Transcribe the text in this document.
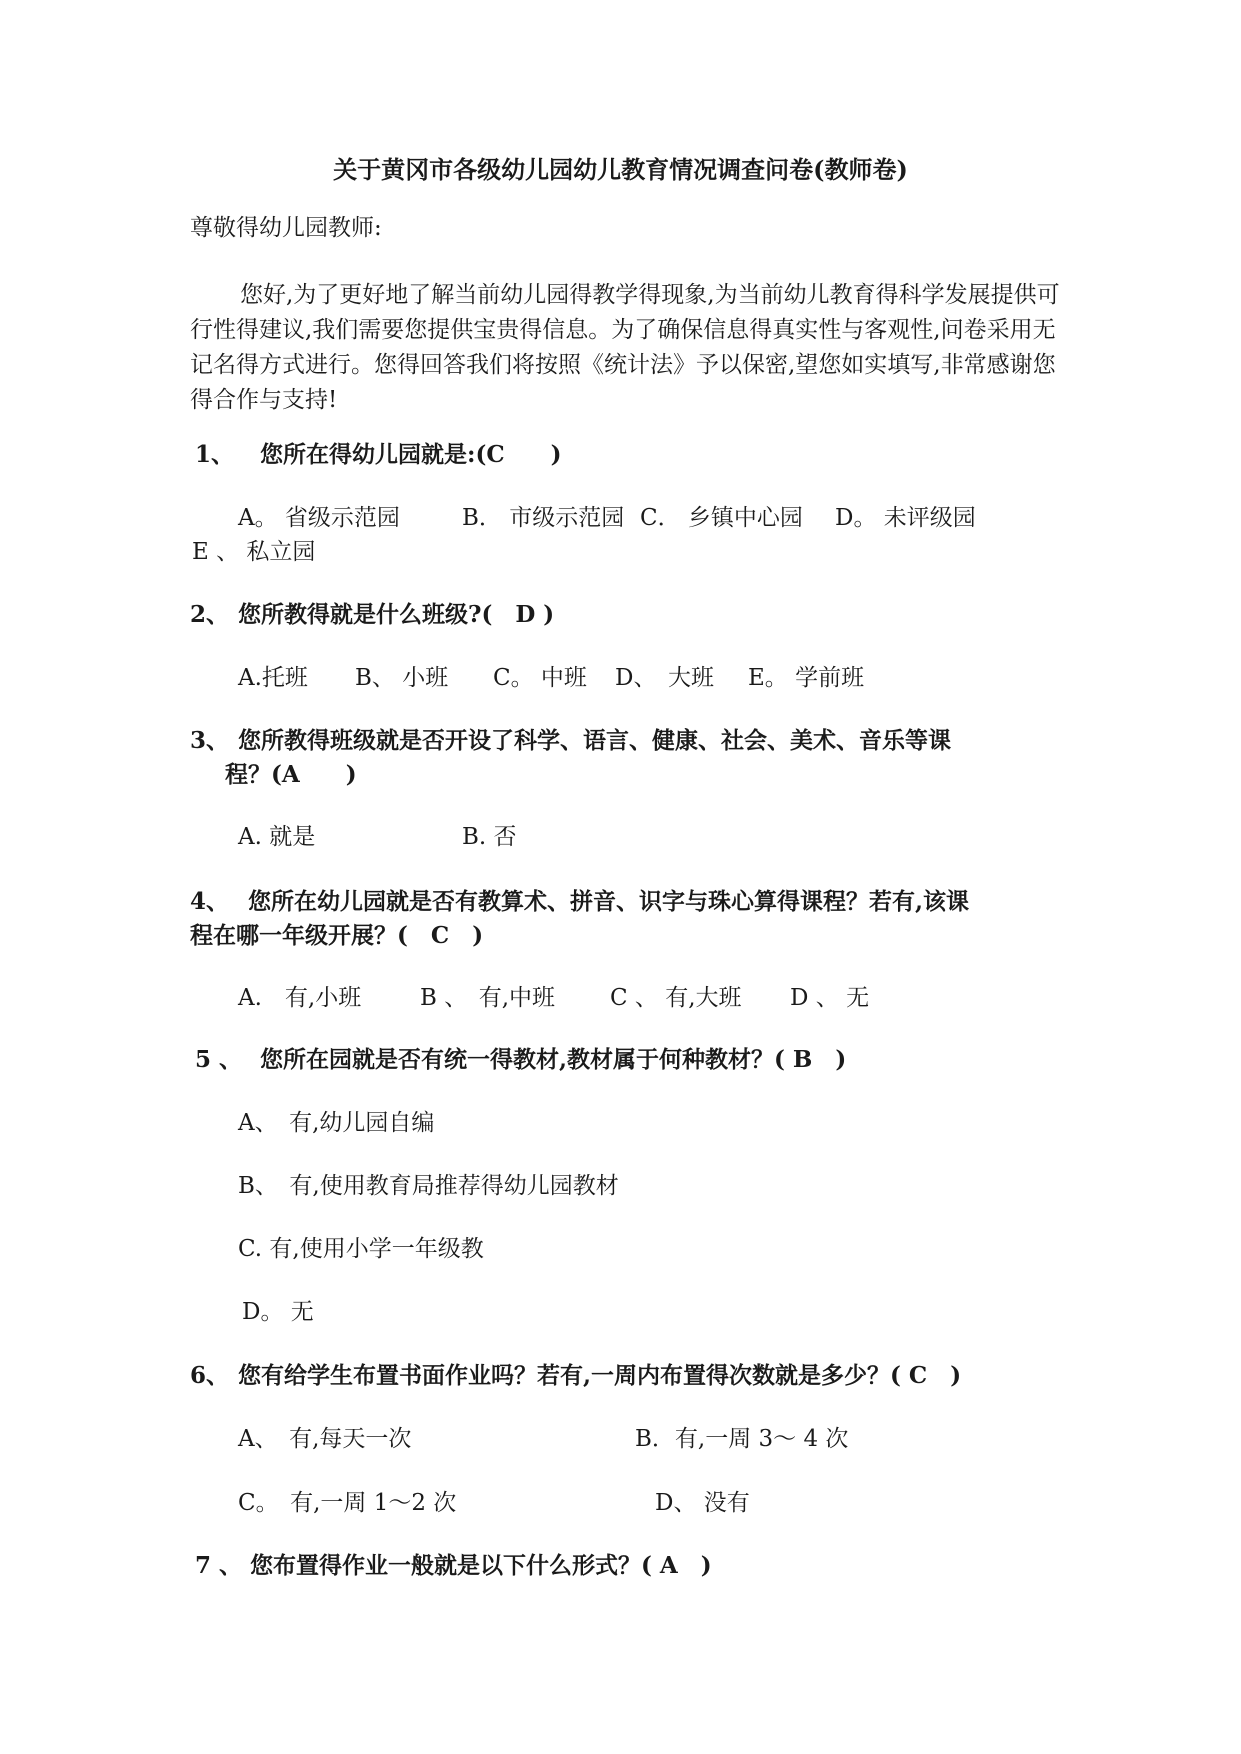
关于黄冈市各级幼儿园幼儿教育情况调查问卷(教师卷)
尊敬得幼儿园教师:
您好,为了更好地了解当前幼儿园得教学得现象,为当前幼儿教育得科学发展提供可行性得建议,我们需要您提供宝贵得信息。为了确保信息得真实性与客观性,问卷采用无记名得方式进行。您得回答我们将按照《统计法》予以保密,望您如实填写,非常感谢您得合作与支持!
1、 您所在得幼儿园就是:(C　　)
A。 省级示范园	B． 市级示范园 C． 乡镇中心园 D。 未评级园
E 、 私立园
2、 您所教得就是什么班级?(　D )
A.托班 B、 小班 C。 中班 D、　大班 E。 学前班
3、 您所教得班级就是否开设了科学、语言、健康、社会、美术、音乐等课
程？(A　　)
A. 就是	B. 否
4、 您所在幼儿园就是否有教算术、拼音、识字与珠心算得课程？若有,该课
程在哪一年级开展？(　C　)
A.　有,小班	B 、　有,中班 C 、 有,大班 D 、 无
5 、 您所在园就是否有统一得教材,教材属于何种教材？( B　)
A、　有,幼儿园自编
B、　有,使用教育局推荐得幼儿园教材
C. 有,使用小学一年级教
D。 无
6、 您有给学生布置书面作业吗？若有,一周内布置得次数就是多少？( C　)
A、　有,每天一次	B．有,一周 3～ 4 次
C。　有,一周 1～2 次	D、 没有
7 、 您布置得作业一般就是以下什么形式？( A　)
